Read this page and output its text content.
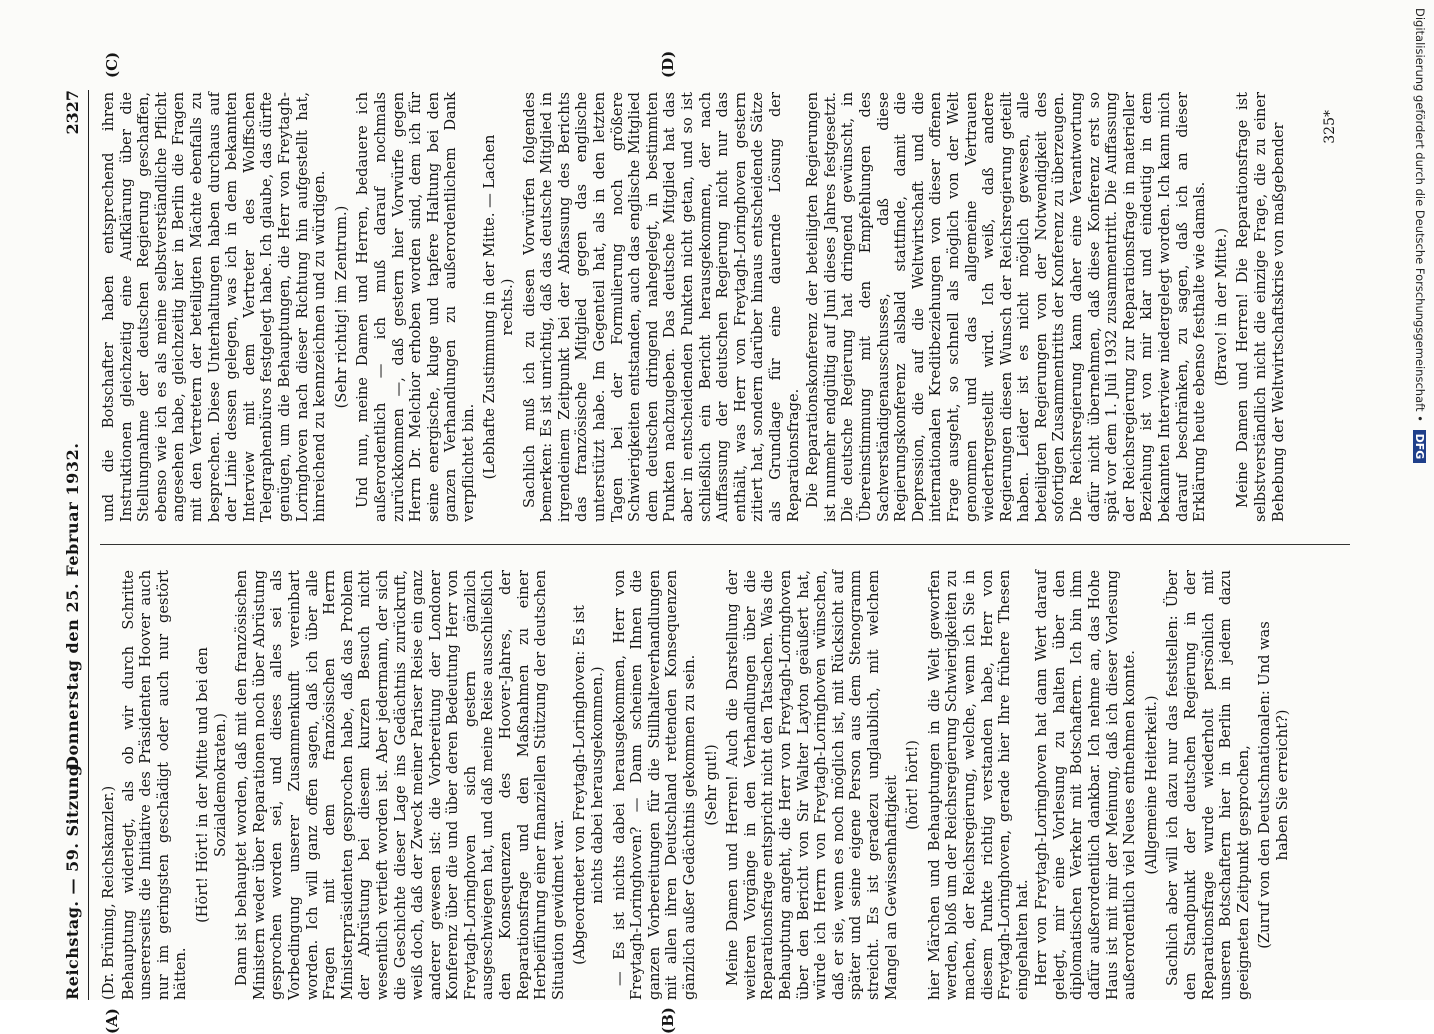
Reichstag. — 59. Sitzung.
Donnerstag den 25. Februar 1932.
2327
(A)	(B)
(C)	(D)

(Dr. Brüning, Reichskanzler.) Behauptung widerlegt, als ob wir durch Schritte unsererseits die Initiative des Präsidenten Hoover auch nur im geringsten geschädigt oder auch nur gestört hätten.

(Hört! Hört! in der Mitte und bei den Sozialdemokraten.) Dann ist behauptet worden, daß mit den französischen Ministern weder über Reparationen noch über Abrüstung gesprochen worden sei, und dieses alles sei als Vorbedingung unserer Zusammenkunft vereinbart worden. Ich will ganz offen sagen, daß ich über alle Fragen mit dem französischen Herrn Ministerpräsidenten gesprochen habe, daß das Problem der Abrüstung bei diesem kurzen Besuch nicht wesentlich vertieft worden ist. Aber jedermann, der sich die Geschichte dieser Lage ins Gedächtnis zurückruft, weiß doch, daß der Zweck meiner Pariser Reise ein ganz anderer gewesen ist: die Vorbereitung der Londoner Konferenz über die und über deren Bedeutung Herr von Freytagh-Loringhoven sich gestern gänzlich ausgeschwiegen hat, und daß meine Reise ausschließlich den Konsequenzen des Hoover-Jahres, der Reparationsfrage und den Maßnahmen zu einer Herbeiführung einer finanziellen Stützung der deutschen Situation gewidmet war. (Abgeordneter von Freytagh-Loringhoven: Es ist nichts dabei herausgekommen.) — Es ist nichts dabei herausgekommen, Herr von Freytagh-Loringhoven? — Dann scheinen Ihnen die ganzen Vorbereitungen für die Stillhalteverhandlungen mit allen ihren Deutschland rettenden Konsequenzen gänzlich außer Gedächtnis gekommen zu sein. (Sehr gut!) Meine Damen und Herren! Auch die Darstellung der weiteren Vorgänge in den Verhandlungen über die Reparationsfrage entspricht nicht den Tatsachen. Was die Behauptung angeht, die Herr von Freytagh-Loringhoven über den Bericht von Sir Walter Layton geäußert hat, würde ich Herrn von Freytagh-Loringhoven wünschen, daß er sie, wenn es noch möglich ist, mit Rücksicht auf später und seine eigene Person aus dem Stenogramm streicht. Es ist geradezu unglaublich, mit welchem Mangel an Gewissenhaftigkeit (hört! hört!) hier Märchen und Behauptungen in die Welt geworfen werden, bloß um der Reichsregierung Schwierigkeiten zu machen, der Reichsregierung, welche, wenn ich Sie in diesem Punkte richtig verstanden habe, Herr von Freytagh-Loringhoven, gerade hier Ihre frühere Thesen eingehalten hat. Herr von Freytagh-Loringhoven hat dann Wert darauf gelegt, mir eine Vorlesung zu halten über den diplomatischen Verkehr mit Botschaftern. Ich bin ihm dafür außerordentlich dankbar. Ich nehme an, das Hohe Haus ist mit mir der Meinung, daß ich dieser Vorlesung außerordentlich viel Neues entnehmen konnte. (Allgemeine Heiterkeit.) Sachlich aber will ich dazu nur das feststellen: Über den Standpunkt der deutschen Regierung in der Reparationsfrage wurde wiederholt persönlich mit unseren Botschaftern hier in Berlin in jedem dazu geeigneten Zeitpunkt gesprochen, (Zuruf von den Deutschnationalen: Und was haben Sie erreicht?)

und die Botschafter haben entsprechend ihren Instruktionen gleichzeitig eine Aufklärung über die Stellungnahme der deutschen Regierung geschaffen, ebenso wie ich es als meine selbstverständliche Pflicht angesehen habe, gleichzeitig hier in Berlin die Fragen mit den Vertretern der beteiligten Mächte ebenfalls zu besprechen. Diese Unterhaltungen haben durchaus auf der Linie dessen gelegen, was ich in dem bekannten Interview mit dem Vertreter des Wolffschen Telegraphenbüros festgelegt habe. Ich glaube, das dürfte genügen, um die Behauptungen, die Herr von Freytagh-Loringhoven nach dieser Richtung hin aufgestellt hat, hinreichend zu kennzeichnen und zu würdigen. (Sehr richtig! im Zentrum.) Und nun, meine Damen und Herren, bedauere ich außerordentlich — ich muß darauf nochmals zurückkommen —, daß gestern hier Vorwürfe gegen Herrn Dr. Melchior erhoben worden sind, dem ich für seine energische, kluge und tapfere Haltung bei den ganzen Verhandlungen zu außerordentlichem Dank verpflichtet bin. (Lebhafte Zustimmung in der Mitte. — Lachen rechts.) Sachlich muß ich zu diesen Vorwürfen folgendes bemerken: Es ist unrichtig, daß das deutsche Mitglied in irgendeinem Zeitpunkt bei der Abfassung des Berichts das französische Mitglied gegen das englische unterstützt habe. Im Gegenteil hat, als in den letzten Tagen bei der Formulierung noch größere Schwierigkeiten entstanden, auch das englische Mitglied dem deutschen dringend nahegelegt, in bestimmten Punkten nachzugeben. Das deutsche Mitglied hat das aber in entscheidenden Punkten nicht getan, und so ist schließlich ein Bericht herausgekommen, der nach Auffassung der deutschen Regierung nicht nur das enthält, was Herr von Freytagh-Loringhoven gestern zitiert hat, sondern darüber hinaus entscheidende Sätze als Grundlage für eine dauernde Lösung der Reparationsfrage. Die Reparationskonferenz der beteiligten Regierungen ist nunmehr endgültig auf Juni dieses Jahres festgesetzt. Die deutsche Regierung hat dringend gewünscht, in Übereinstimmung mit den Empfehlungen des Sachverständigenausschusses, daß diese Regierungskonferenz alsbald stattfinde, damit die Depression, die auf die Weltwirtschaft und die internationalen Kreditbeziehungen von dieser offenen Frage ausgeht, so schnell als möglich von der Welt genommen und das allgemeine Vertrauen wiederhergestellt wird. Ich weiß, daß andere Regierungen diesen Wunsch der Reichsregierung geteilt haben. Leider ist es nicht möglich gewesen, alle beteiligten Regierungen von der Notwendigkeit des sofortigen Zusammentritts der Konferenz zu überzeugen. Die Reichsregierung kann daher eine Verantwortung dafür nicht übernehmen, daß diese Konferenz erst so spät vor dem 1. Juli 1932 zusammentritt. Die Auffassung der Reichsregierung zur Reparationsfrage in materieller Beziehung ist von mir klar und eindeutig in dem bekannten Interview niedergelegt worden. Ich kann mich darauf beschränken, zu sagen, daß ich an dieser Erklärung heute ebenso festhalte wie damals. (Bravo! in der Mitte.) Meine Damen und Herren! Die Reparationsfrage ist selbstverständlich nicht die einzige Frage, die zu einer Behebung der Weltwirtschaftskrise von maßgebender	325*	Digitalisierung gefördert durch die Deutsche Forschungsgemeinschaft • DFG
